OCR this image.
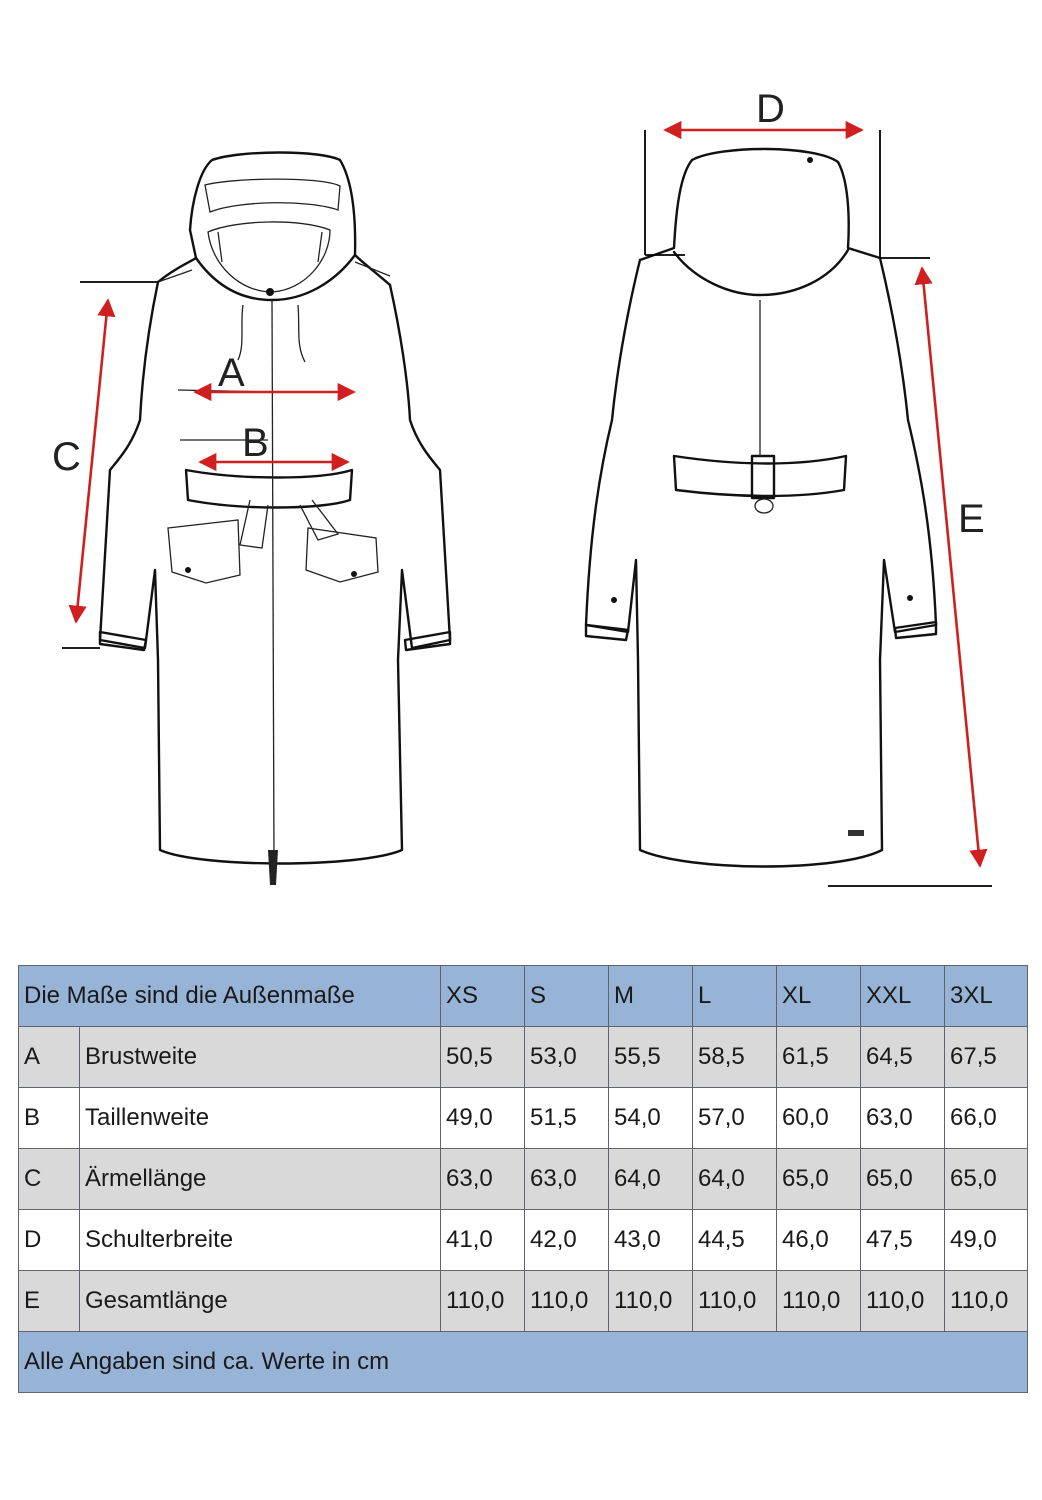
A
B
C
D
E
Die Maße sind die Außenmaße		XS	S	M	L	XL	XXL	3XL
A	Brustweite	50,5	53,0	55,5	58,5	61,5	64,5	67,5
B	Taillenweite	49,0	51,5	54,0	57,0	60,0	63,0	66,0
C	Ärmellänge	63,0	63,0	64,0	64,0	65,0	65,0	65,0
D	Schulterbreite	41,0	42,0	43,0	44,5	46,0	47,5	49,0
E	Gesamtlänge	110,0	110,0	110,0	110,0	110,0	110,0	110,0
Alle Angaben sind ca. Werte in cm								
